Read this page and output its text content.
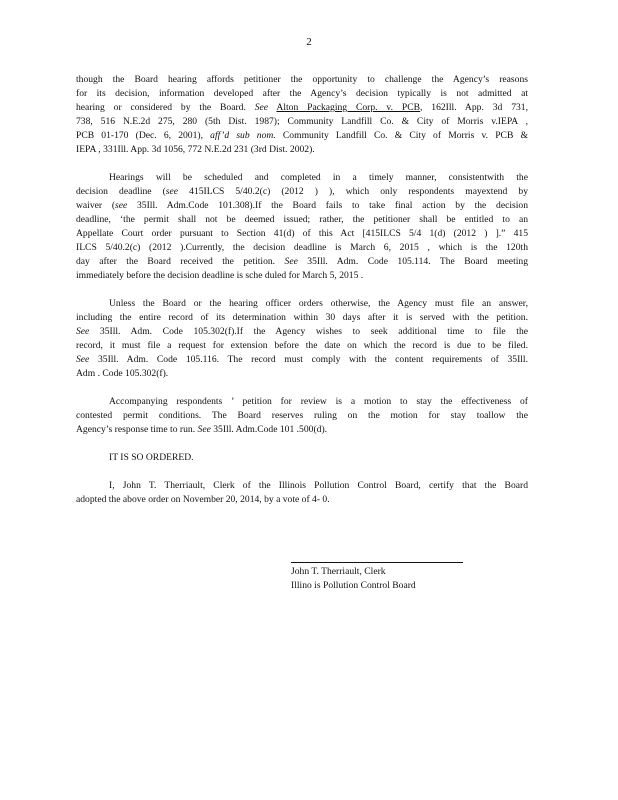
2
though the Board hearing affords petitioner the opportunity to challenge the Agency’s reasons
for its decision, information developed after the Agency’s decision typically is not admitted at
hearing or considered by the Board. See Alton Packaging Corp. v. PCB, 162Ill. App. 3d 731,
738, 516 N.E.2d 275, 280 (5th Dist. 1987); Community Landfill Co. & City of Morris v.IEPA ,
PCB 01-170 (Dec. 6, 2001), aff’d sub nom. Community Landfill Co. & City of Morris v. PCB &
IEPA , 331Ill. App. 3d 1056, 772 N.E.2d 231 (3rd Dist. 2002).
Hearings will be scheduled and completed in a timely manner, consistentwith the
decision deadline (see 415ILCS 5/40.2(c) (2012 ) ), which only respondents mayextend by
waiver (see 35Ill. Adm.Code 101.308).If the Board fails to take final action by the decision
deadline, ‘the permit shall not be deemed issued; rather, the petitioner shall be entitled to an
Appellate Court order pursuant to Section 41(d) of this Act [415ILCS 5/4 1(d) (2012 ) ].” 415
ILCS 5/40.2(c) (2012 ).Currently, the decision deadline is March 6, 2015 , which is the 120th
day after the Board received the petition. See 35Ill. Adm. Code 105.114. The Board meeting
immediately before the decision deadline is sche duled for March 5, 2015 .
Unless the Board or the hearing officer orders otherwise, the Agency must file an answer,
including the entire record of its determination within 30 days after it is served with the petition.
See 35Ill. Adm. Code 105.302(f).If the Agency wishes to seek additional time to file the
record, it must file a request for extension before the date on which the record is due to be filed.
See 35Ill. Adm. Code 105.116. The record must comply with the content requirements of 35Ill.
Adm . Code 105.302(f).
Accompanying respondents ’ petition for review is a motion to stay the effectiveness of
contested permit conditions. The Board reserves ruling on the motion for stay toallow the
Agency’s response time to run. See 35Ill. Adm.Code 101 .500(d).
IT IS SO ORDERED.
I, John T. Therriault, Clerk of the Illinois Pollution Control Board, certify that the Board
adopted the above order on November 20, 2014, by a vote of 4- 0.
John T. Therriault, Clerk
Illino is Pollution Control Board
